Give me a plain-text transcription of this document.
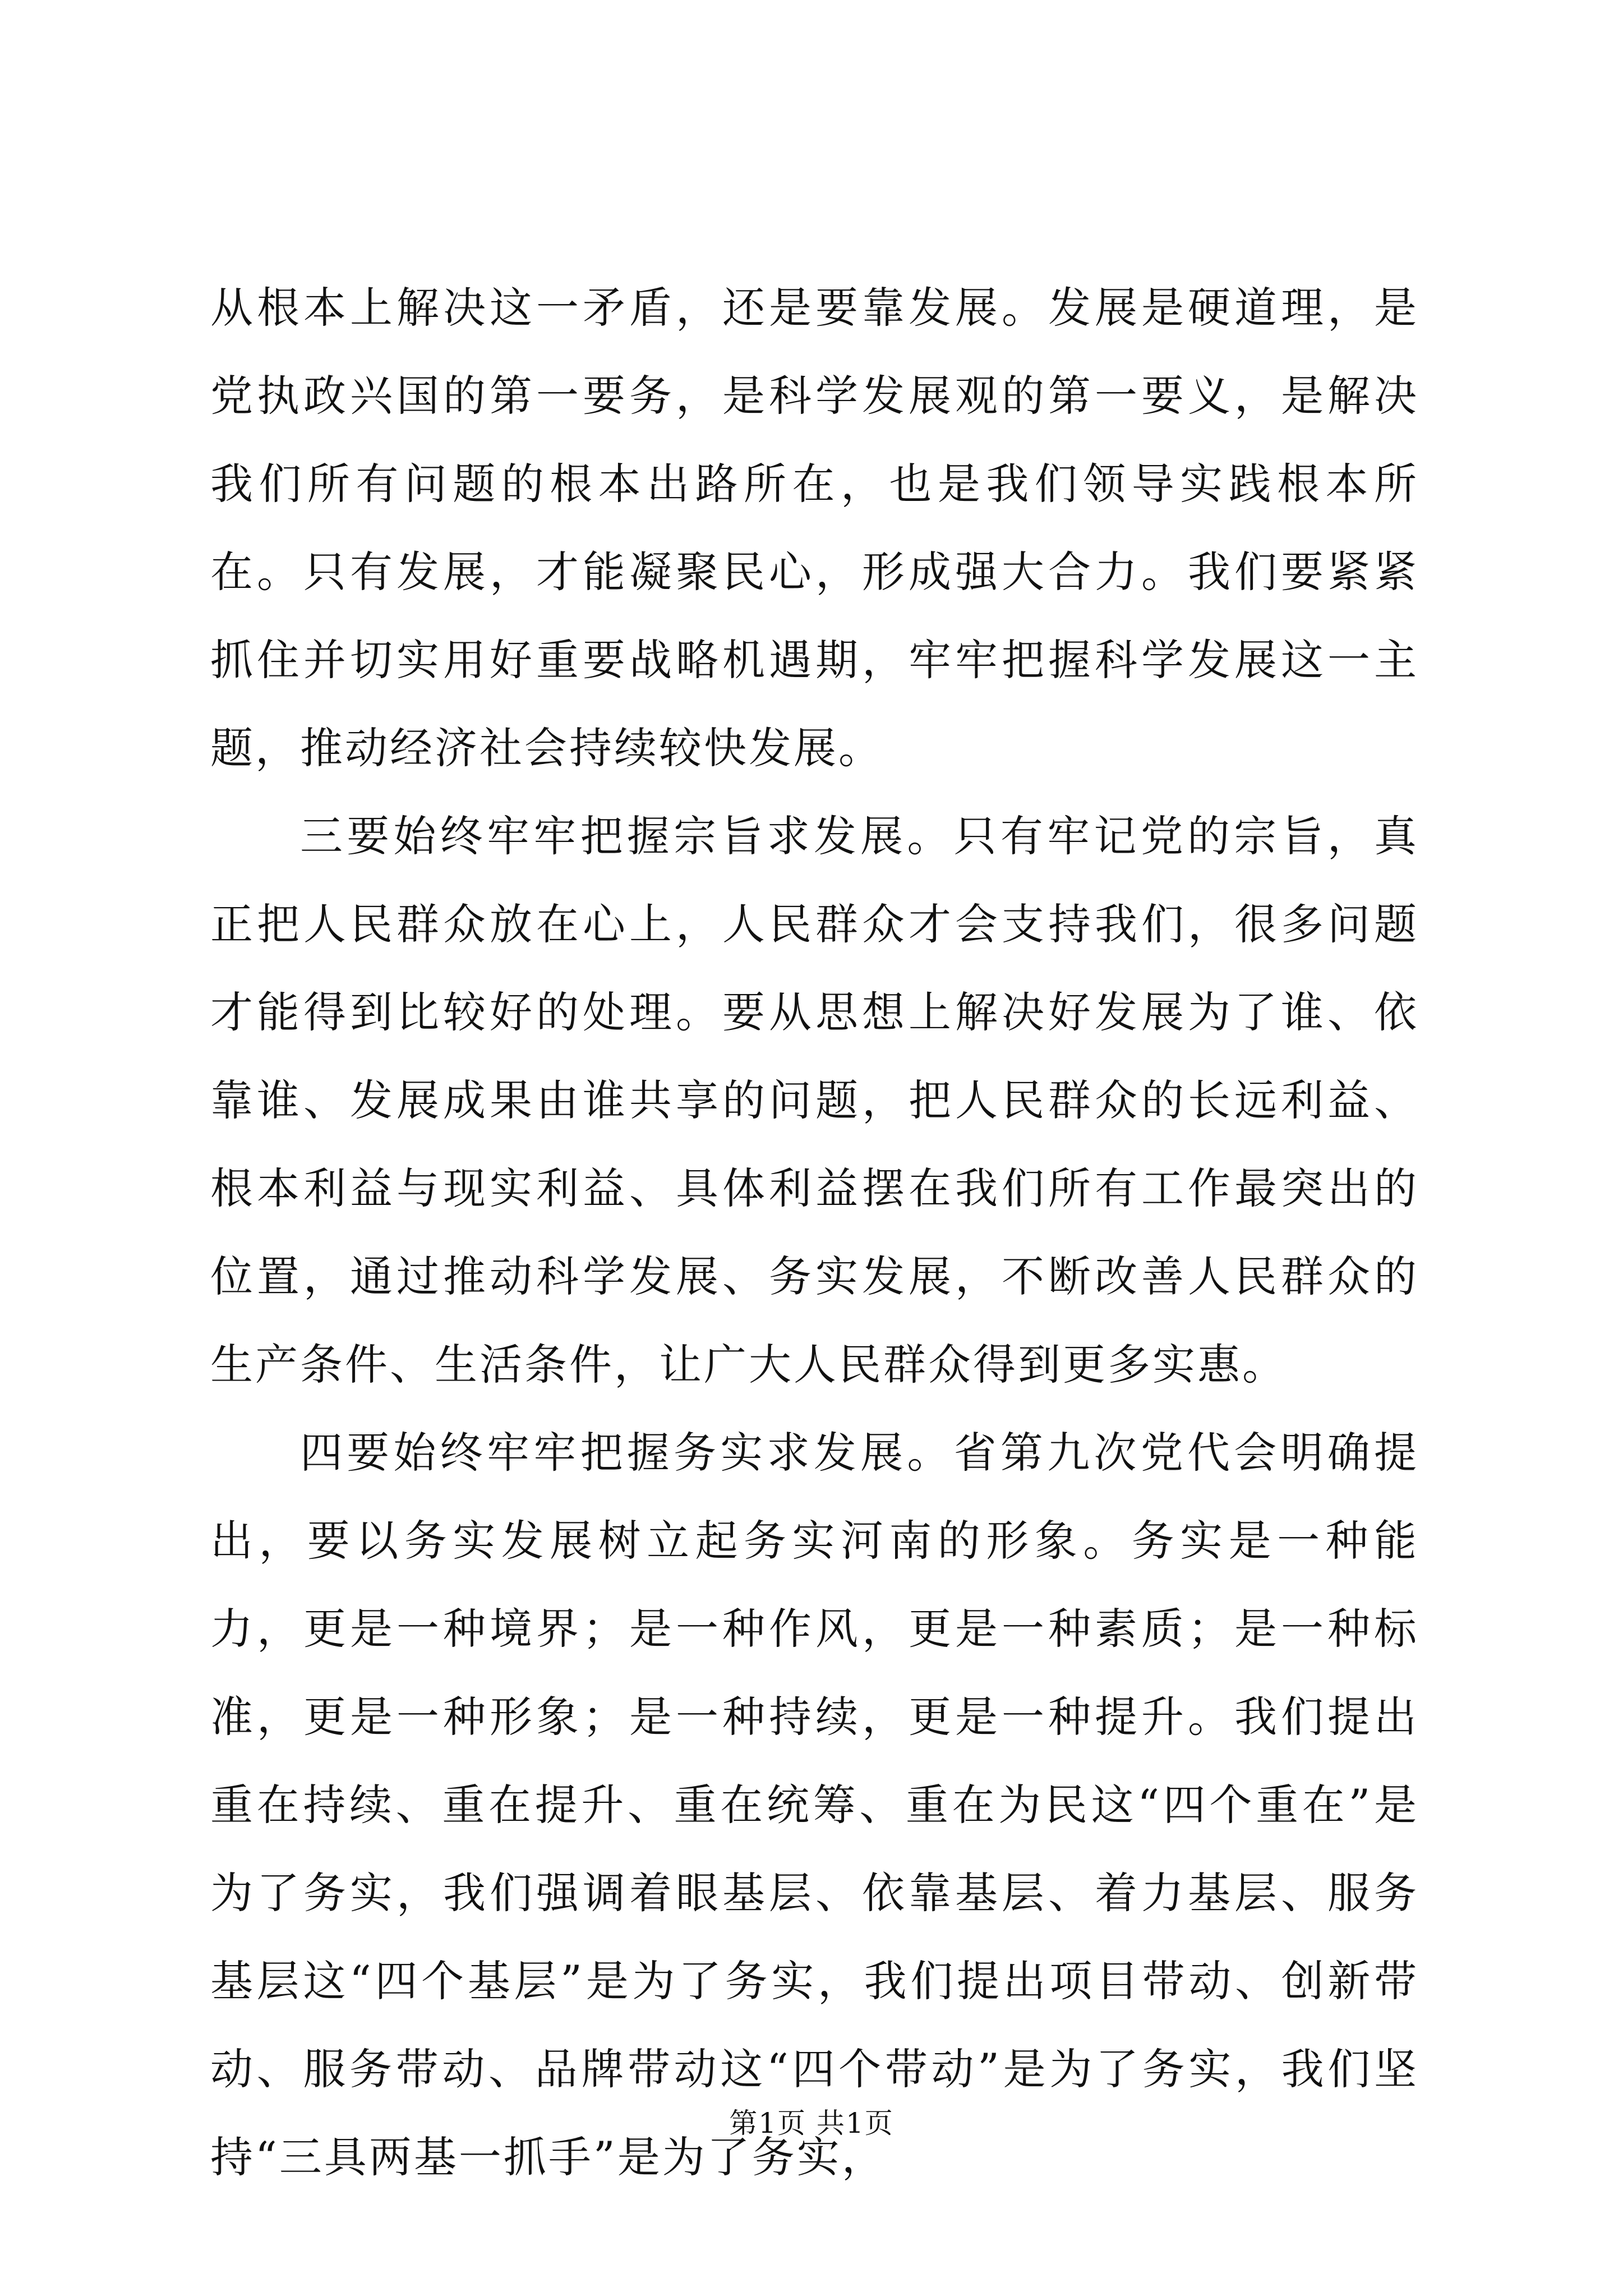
从根本上解决这一矛盾，还是要靠发展。发展是硬道理，是党执政兴国的第一要务，是科学发展观的第一要义，是解决我们所有问题的根本出路所在，也是我们领导实践根本所在。只有发展，才能凝聚民心，形成强大合力。我们要紧紧抓住并切实用好重要战略机遇期，牢牢把握科学发展这一主题，推动经济社会持续较快发展。

三要始终牢牢把握宗旨求发展。只有牢记党的宗旨，真正把人民群众放在心上，人民群众才会支持我们，很多问题才能得到比较好的处理。要从思想上解决好发展为了谁、依靠谁、发展成果由谁共享的问题，把人民群众的长远利益、根本利益与现实利益、具体利益摆在我们所有工作最突出的位置，通过推动科学发展、务实发展，不断改善人民群众的生产条件、生活条件，让广大人民群众得到更多实惠。

四要始终牢牢把握务实求发展。省第九次党代会明确提出，要以务实发展树立起务实河南的形象。务实是一种能力，更是一种境界；是一种作风，更是一种素质；是一种标准，更是一种形象；是一种持续，更是一种提升。我们提出重在持续、重在提升、重在统筹、重在为民这“四个重在”是为了务实，我们强调着眼基层、依靠基层、着力基层、服务基层这“四个基层”是为了务实，我们提出项目带动、创新带动、服务带动、品牌带动这“四个带动”是为了务实，我们坚持“三具两基一抓手”是为了务实，

第1页 共1页
